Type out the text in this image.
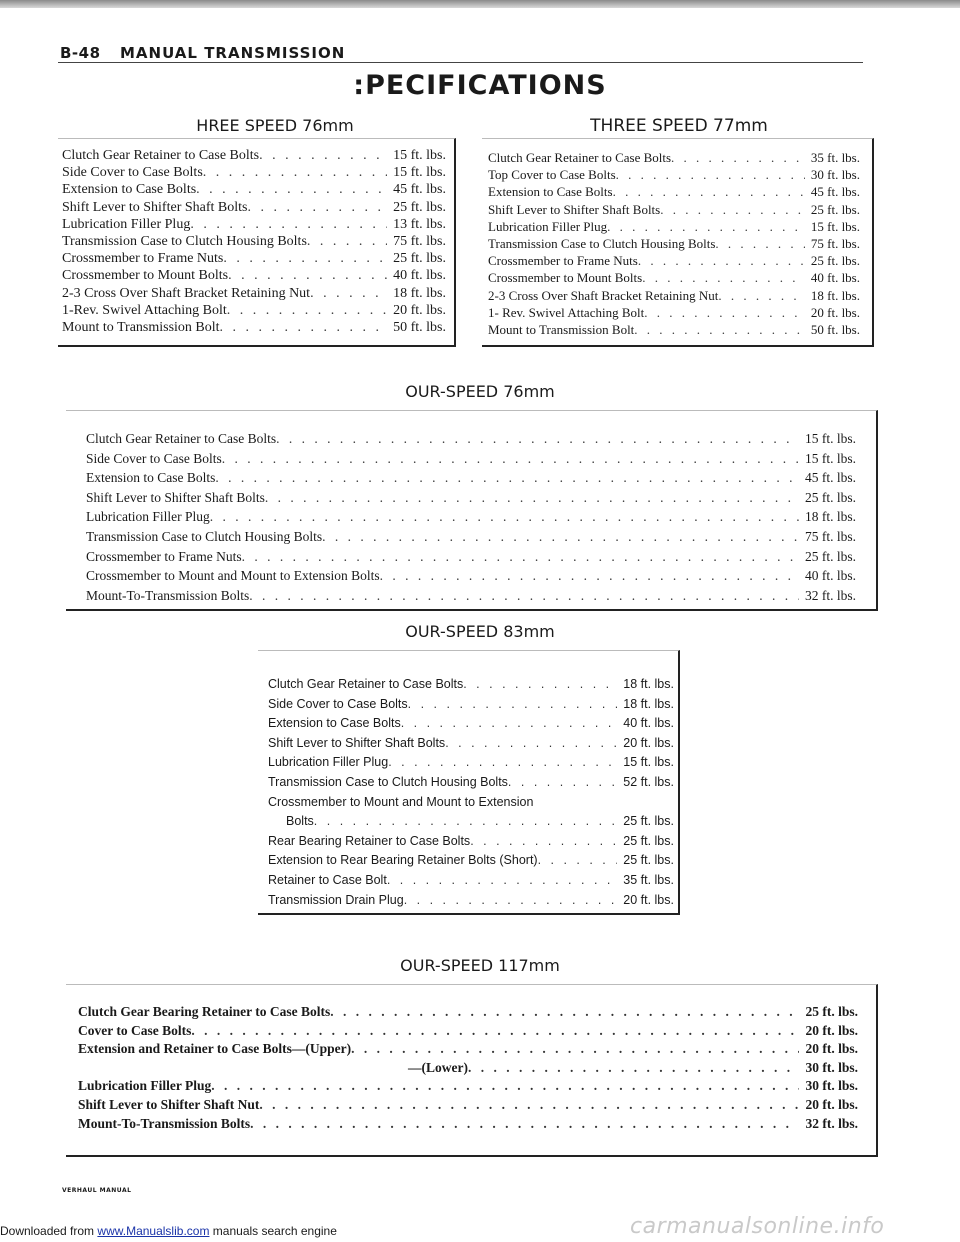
B-48 MANUAL TRANSMISSION
:PECIFICATIONS
HREE SPEED 76mm
Clutch Gear Retainer to Case Bolts . . .	15 ft. lbs.
Side Cover to Case Bolts . . .	15 ft. lbs.
Extension to Case Bolts . . .	45 ft. lbs.
Shift Lever to Shifter Shaft Bolts . . .	25 ft. lbs.
Lubrication Filler Plug . . .	13 ft. lbs.
Transmission Case to Clutch Housing Bolts . . .	75 ft. lbs.
Crossmember to Frame Nuts . . .	25 ft. lbs.
Crossmember to Mount Bolts . . .	40 ft. lbs.
2-3 Cross Over Shaft Bracket Retaining Nut . . .	18 ft. lbs.
1-Rev. Swivel Attaching Bolt . . .	20 ft. lbs.
Mount to Transmission Bolt . . .	50 ft. lbs.
THREE SPEED 77mm
Clutch Gear Retainer to Case Bolts . . .	35 ft. lbs.
Top Cover to Case Bolts . . .	30 ft. lbs.
Extension to Case Bolts . . .	45 ft. lbs.
Shift Lever to Shifter Shaft Bolts . . .	25 ft. lbs.
Lubrication Filler Plug . . .	15 ft. lbs.
Transmission Case to Clutch Housing Bolts . . .	75 ft. lbs.
Crossmember to Frame Nuts . . .	25 ft. lbs.
Crossmember to Mount Bolts . . .	40 ft. lbs.
2-3 Cross Over Shaft Bracket Retaining Nut . . .	18 ft. lbs.
1- Rev. Swivel Attaching Bolt . . .	20 ft. lbs.
Mount to Transmission Bolt . . .	50 ft. lbs.
OUR-SPEED 76mm
Clutch Gear Retainer to Case Bolts . . .	15 ft. lbs.
Side Cover to Case Bolts . . .	15 ft. lbs.
Extension to Case Bolts . . .	45 ft. lbs.
Shift Lever to Shifter Shaft Bolts . . .	25 ft. lbs.
Lubrication Filler Plug . . .	18 ft. lbs.
Transmission Case to Clutch Housing Bolts . . .	75 ft. lbs.
Crossmember to Frame Nuts . . .	25 ft. lbs.
Crossmember to Mount and Mount to Extension Bolts . . .	40 ft. lbs.
Mount-To-Transmission Bolts . . .	32 ft. lbs.
OUR-SPEED 83mm
Clutch Gear Retainer to Case Bolts . . .	18 ft. lbs.
Side Cover to Case Bolts . . .	18 ft. lbs.
Extension to Case Bolts . . .	40 ft. lbs.
Shift Lever to Shifter Shaft Bolts . . .	20 ft. lbs.
Lubrication Filler Plug . . .	15 ft. lbs.
Transmission Case to Clutch Housing Bolts . . .	52 ft. lbs.
Crossmember to Mount and Mount to Extension
Bolts . . .	25 ft. lbs.
Rear Bearing Retainer to Case Bolts . . .	25 ft. lbs.
Extension to Rear Bearing Retainer Bolts (Short) . . .	25 ft. lbs.
Retainer to Case Bolt . . .	35 ft. lbs.
Transmission Drain Plug . . .	20 ft. lbs.
OUR-SPEED 117mm
Clutch Gear Bearing Retainer to Case Bolts . . .	25 ft. lbs.
Cover to Case Bolts . . .	20 ft. lbs.
Extension and Retainer to Case Bolts—(Upper) . . .	20 ft. lbs.
—(Lower) . . .	30 ft. lbs.
Lubrication Filler Plug . . .	30 ft. lbs.
Shift Lever to Shifter Shaft Nut . . .	20 ft. lbs.
Mount-To-Transmission Bolts . . .	32 ft. lbs.
VERHAUL MANUAL
Downloaded from www.Manualslib.com manuals search engine	carmanualsonline.info
